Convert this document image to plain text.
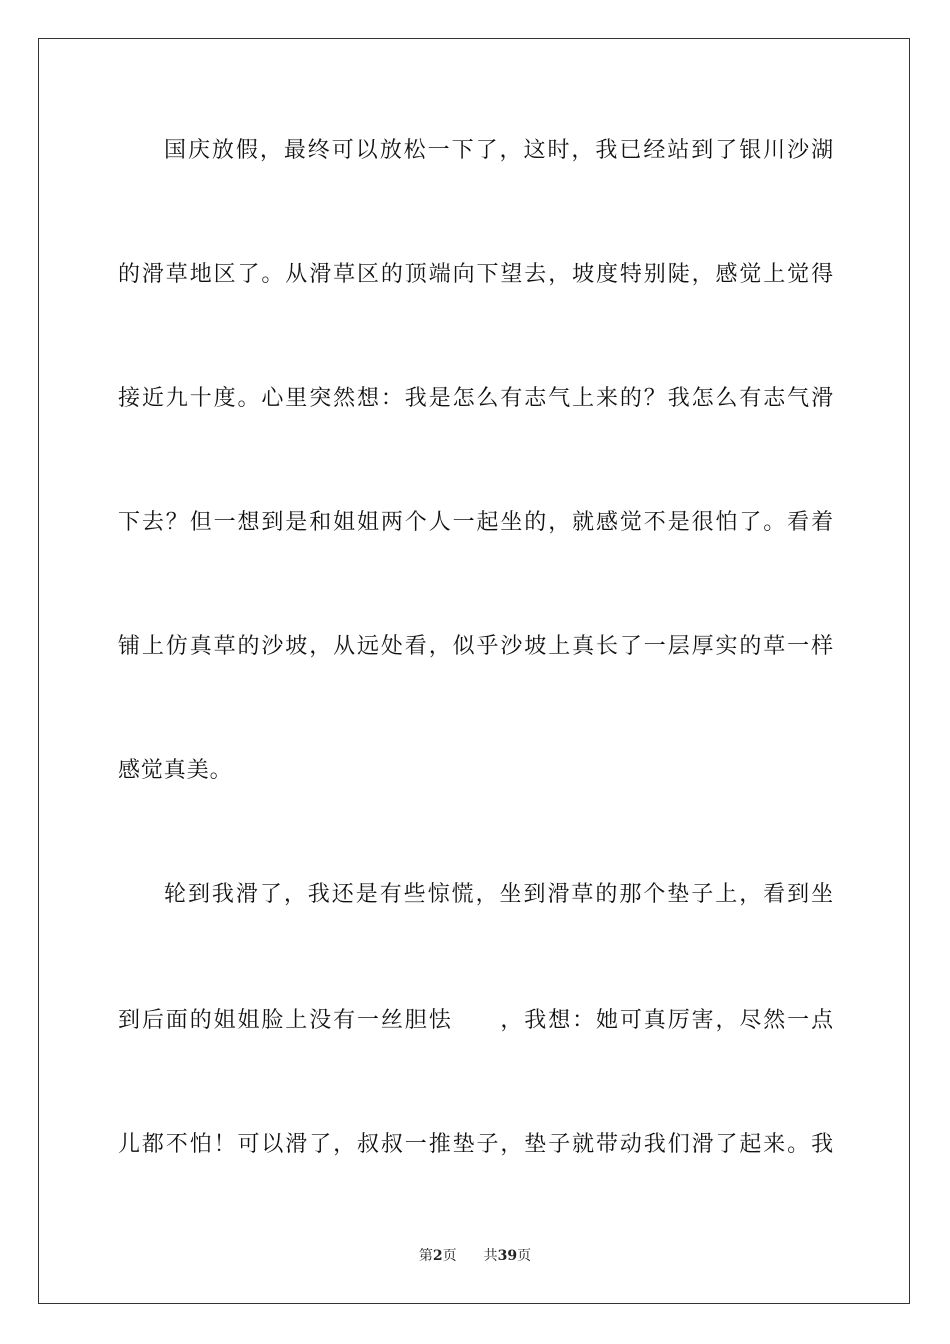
国庆放假，最终可以放松一下了，这时，我已经站到了银川沙湖
的滑草地区了。从滑草区的顶端向下望去，坡度特别陡，感觉上觉得
接近九十度。心里突然想：我是怎么有志气上来的？我怎么有志气滑
下去？但一想到是和姐姐两个人一起坐的，就感觉不是很怕了。看着
铺上仿真草的沙坡，从远处看，似乎沙坡上真长了一层厚实的草一样
感觉真美。
轮到我滑了，我还是有些惊慌，坐到滑草的那个垫子上，看到坐
到后面的姐姐脸上没有一丝胆怯　　，我想：她可真厉害，尽然一点
儿都不怕！可以滑了，叔叔一推垫子，垫子就带动我们滑了起来。我
第2页 共39页
